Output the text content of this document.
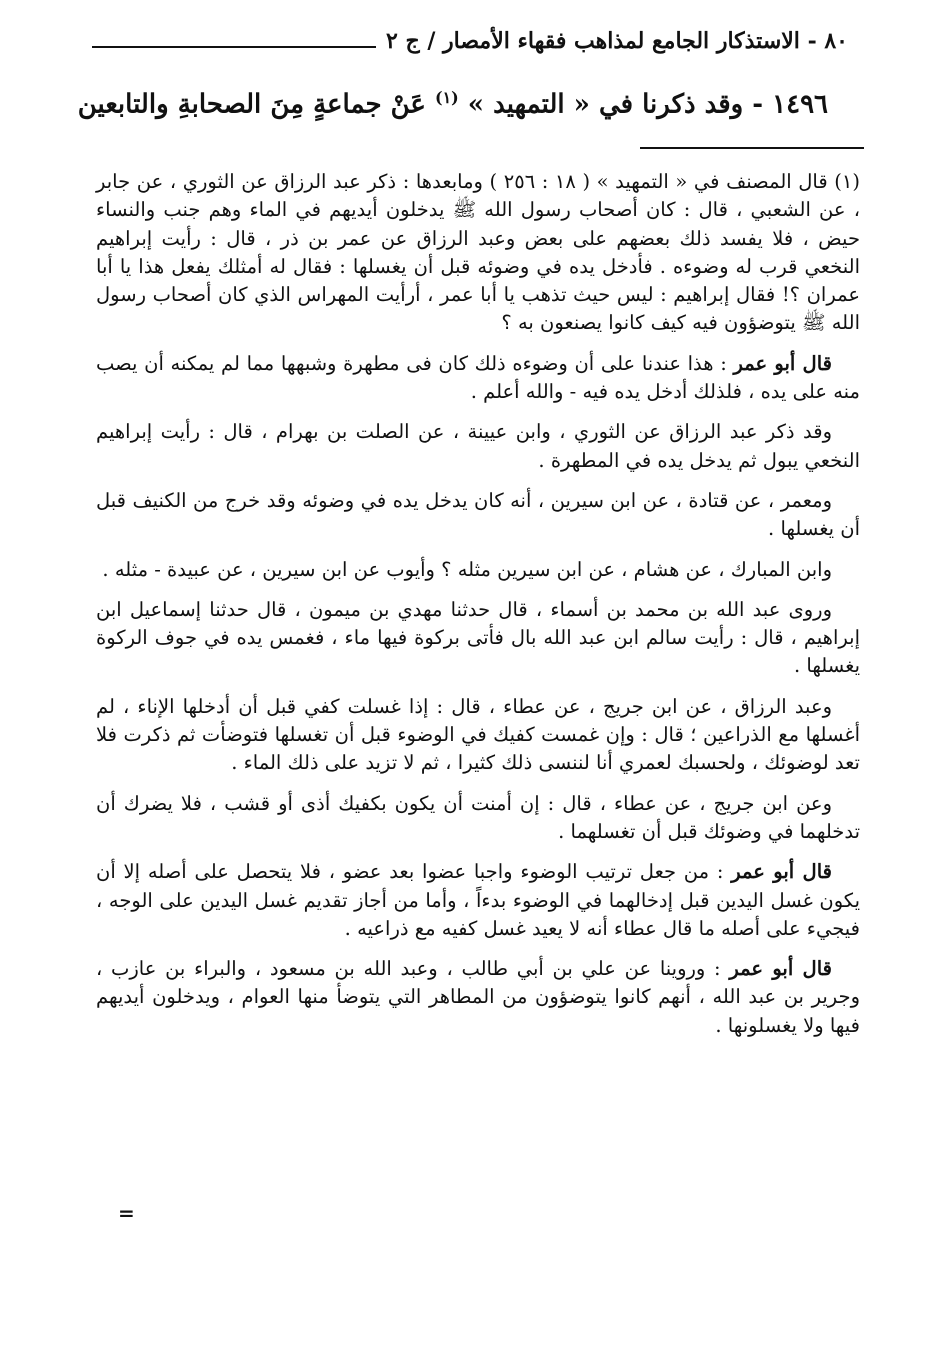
٨٠ - الاستذكار الجامع لمذاهب فقهاء الأمصار / ج ٢
١٤٩٦ - وقد ذكرنا في « التمهيد » $^{(١)}$ عَنْ جماعةٍ مِنَ الصحابةِ والتابعين

(١) قال المصنف في « التمهيد » ( ١٨ : ٢٥٦ ) ومابعدها : ذكر عبد الرزاق عن الثوري ، عن جابر ، عن الشعبي ، قال : كان أصحاب رسول الله ﷺ يدخلون أيديهم في الماء وهم جنب والنساء حيض ، فلا يفسد ذلك بعضهم على بعض وعبد الرزاق عن عمر بن ذر ، قال : رأيت إبراهيم النخعي قرب له وضوءه . فأدخل يده في وضوئه قبل أن يغسلها : فقال له أمثلك يفعل هذا يا أبا عمران ؟! فقال إبراهيم : ليس حيث تذهب يا أبا عمر ، أرأيت المهراس الذي كان أصحاب رسول الله ﷺ يتوضؤون فيه كيف كانوا يصنعون به ؟

قال أبو عمر : هذا عندنا على أن وضوءه ذلك كان فى مطهرة وشبهها مما لم يمكنه أن يصب منه على يده ، فلذلك أدخل يده فيه - والله أعلم .

وقد ذكر عبد الرزاق عن الثوري ، وابن عيينة ، عن الصلت بن بهرام ، قال : رأيت إبراهيم النخعي يبول ثم يدخل يده في المطهرة .

ومعمر ، عن قتادة ، عن ابن سيرين ، أنه كان يدخل يده في وضوئه وقد خرج من الكنيف قبل أن يغسلها .

وابن المبارك ، عن هشام ، عن ابن سيرين مثله ؟ وأيوب عن ابن سيرين ، عن عبيدة - مثله .

وروى عبد الله بن محمد بن أسماء ، قال حدثنا مهدي بن ميمون ، قال حدثنا إسماعيل ابن إبراهيم ، قال : رأيت سالم ابن عبد الله بال فأتى بركوة فيها ماء ، فغمس يده في جوف الركوة يغسلها .

وعبد الرزاق ، عن ابن جريج ، عن عطاء ، قال : إذا غسلت كفي قبل أن أدخلها الإناء ، لم أغسلها مع الذراعين ؛ قال : وإن غمست كفيك في الوضوء قبل أن تغسلها فتوضأت ثم ذكرت فلا تعد لوضوئك ، ولحسبك لعمري أنا لننسى ذلك كثيرا ، ثم لا تزيد على ذلك الماء .

وعن ابن جريج ، عن عطاء ، قال : إن أمنت أن يكون بكفيك أذى أو قشب ، فلا يضرك أن تدخلهما في وضوئك قبل أن تغسلهما .

قال أبو عمر : من جعل ترتيب الوضوء واجبا عضوا بعد عضو ، فلا يتحصل على أصله إلا أن يكون غسل اليدين قبل إدخالهما في الوضوء بدءاً ، وأما من أجاز تقديم غسل اليدين على الوجه ، فيجيء على أصله ما قال عطاء أنه لا يعيد غسل كفيه مع ذراعيه .

قال أبو عمر : وروينا عن علي بن أبي طالب ، وعبد الله بن مسعود ، والبراء بن عازب ، وجرير بن عبد الله ، أنهم كانوا يتوضؤون من المطاهر التي يتوضأ منها العوام ، ويدخلون أيديهم فيها ولا يغسلونها .

=
